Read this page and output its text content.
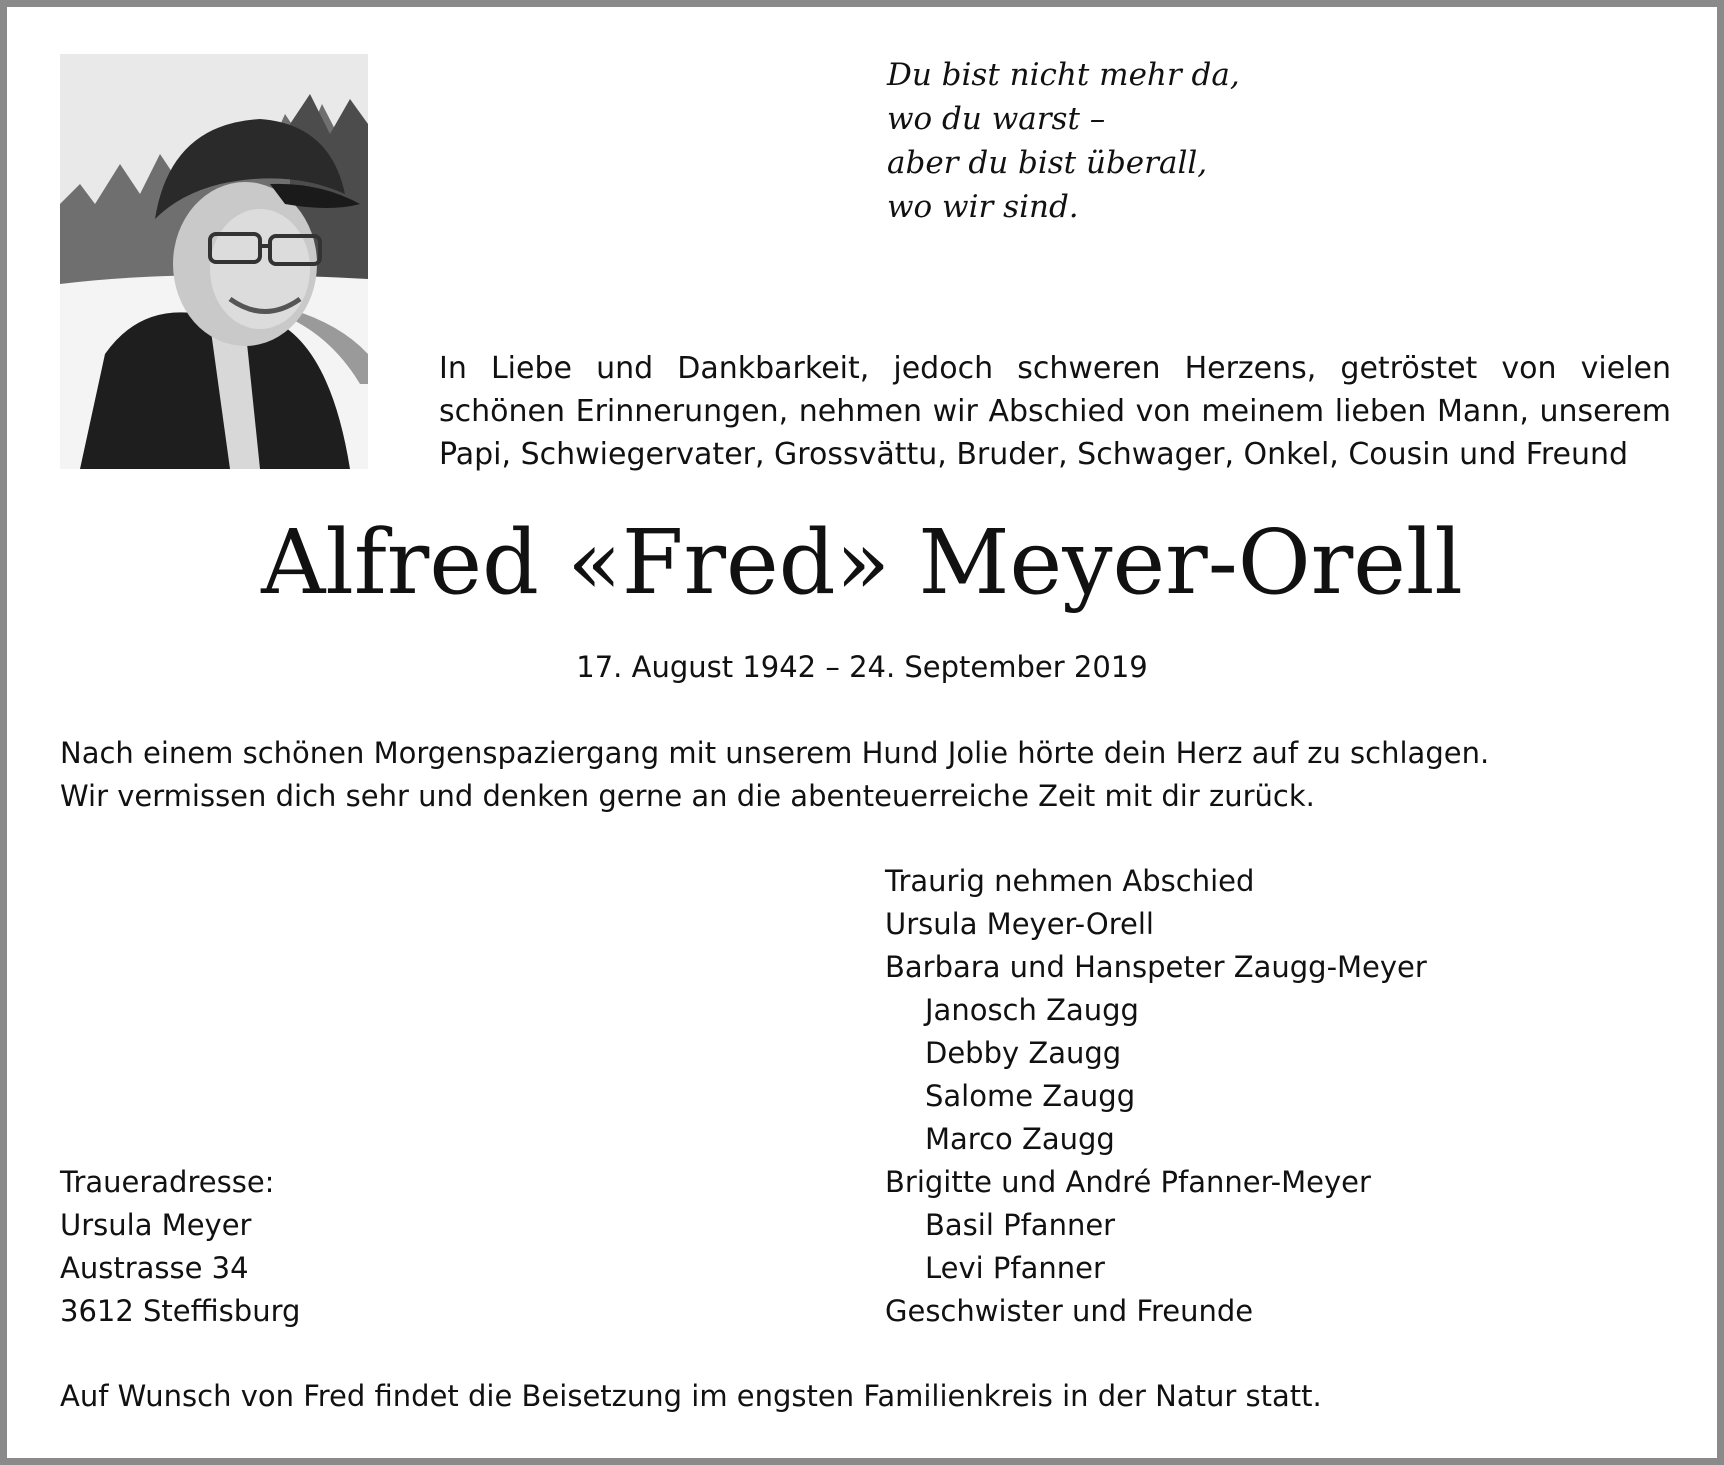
Du bist nicht mehr da,
wo du warst –
aber du bist überall,
wo wir sind.
In Liebe und Dankbarkeit, jedoch schweren Herzens, getröstet von vielen schönen Erinnerungen, nehmen wir Abschied von meinem lieben Mann, unserem Papi, Schwiegervater, Grossvättu, Bruder, Schwager, Onkel, Cousin und Freund
Alfred «Fred» Meyer-Orell
17. August 1942 – 24. September 2019
Nach einem schönen Morgenspaziergang mit unserem Hund Jolie hörte dein Herz auf zu schlagen.
Wir vermissen dich sehr und denken gerne an die abenteuerreiche Zeit mit dir zurück.
Traurig nehmen Abschied
Ursula Meyer-Orell
Barbara und Hanspeter Zaugg-Meyer
Janosch Zaugg
Debby Zaugg
Salome Zaugg
Marco Zaugg
Brigitte und André Pfanner-Meyer
Basil Pfanner
Levi Pfanner
Geschwister und Freunde
Traueradresse:
Ursula Meyer
Austrasse 34
3612 Steffisburg
Auf Wunsch von Fred findet die Beisetzung im engsten Familienkreis in der Natur statt.
